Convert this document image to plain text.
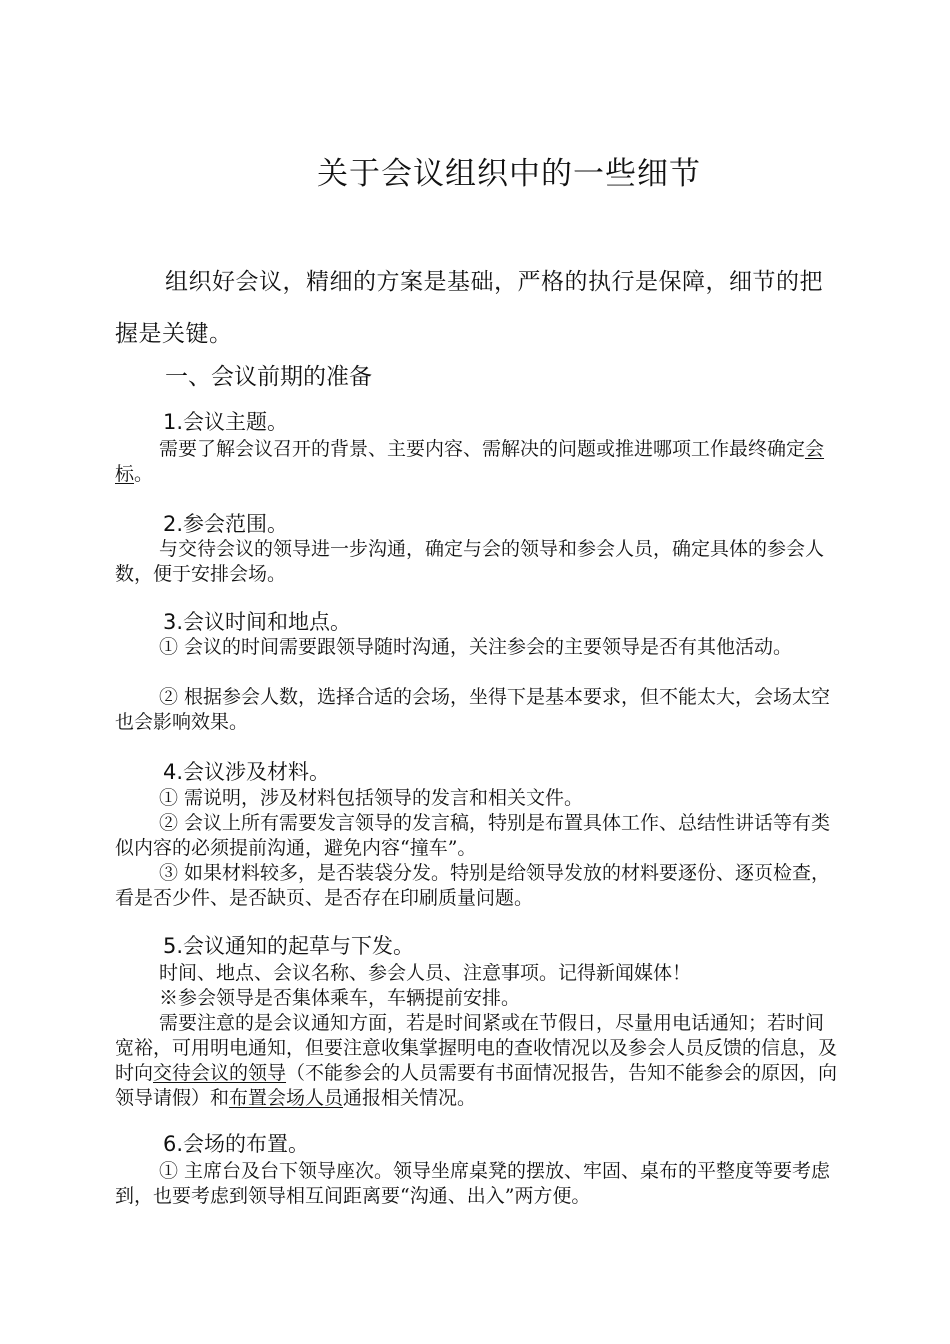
关于会议组织中的一些细节
组织好会议，精细的方案是基础，严格的执行是保障，细节的把握是关键。
一、会议前期的准备
1.会议主题。
需要了解会议召开的背景、主要内容、需解决的问题或推进哪项工作最终确定会标。
2.参会范围。
与交待会议的领导进一步沟通，确定与会的领导和参会人员，确定具体的参会人数，便于安排会场。
3.会议时间和地点。
① 会议的时间需要跟领导随时沟通，关注参会的主要领导是否有其他活动。
② 根据参会人数，选择合适的会场，坐得下是基本要求，但不能太大，会场太空也会影响效果。
4.会议涉及材料。
① 需说明，涉及材料包括领导的发言和相关文件。
② 会议上所有需要发言领导的发言稿，特别是布置具体工作、总结性讲话等有类似内容的必须提前沟通，避免内容“撞车”。
③ 如果材料较多，是否装袋分发。特别是给领导发放的材料要逐份、逐页检查，看是否少件、是否缺页、是否存在印刷质量问题。
5.会议通知的起草与下发。
时间、地点、会议名称、参会人员、注意事项。记得新闻媒体！
※参会领导是否集体乘车，车辆提前安排。
需要注意的是会议通知方面，若是时间紧或在节假日，尽量用电话通知；若时间宽裕，可用明电通知，但要注意收集掌握明电的查收情况以及参会人员反馈的信息，及时向交待会议的领导（不能参会的人员需要有书面情况报告，告知不能参会的原因，向领导请假）和布置会场人员通报相关情况。
6.会场的布置。
① 主席台及台下领导座次。领导坐席桌凳的摆放、牢固、桌布的平整度等要考虑到，也要考虑到领导相互间距离要“沟通、出入”两方便。
